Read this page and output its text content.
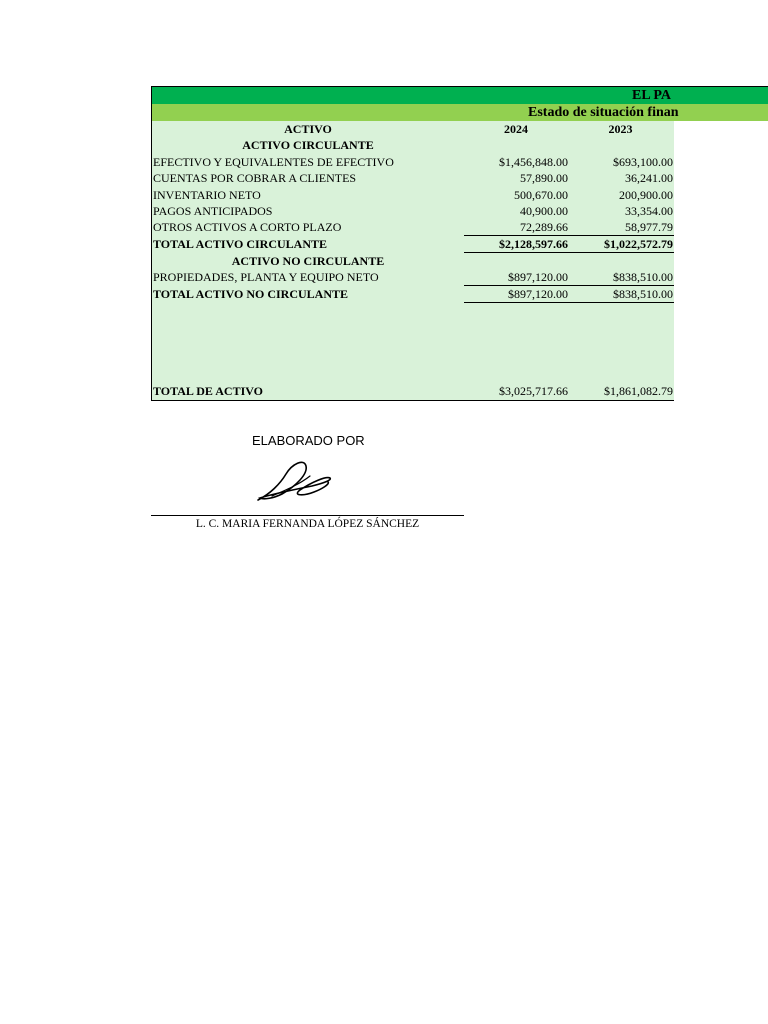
EL PA
Estado de situación finan
ACTIVO	2024	2023
ACTIVO CIRCULANTE
EFECTIVO Y EQUIVALENTES DE EFECTIVO	$1,456,848.00	$693,100.00
CUENTAS POR COBRAR A CLIENTES	57,890.00	36,241.00
INVENTARIO NETO	500,670.00	200,900.00
PAGOS ANTICIPADOS	40,900.00	33,354.00
OTROS ACTIVOS A CORTO PLAZO	72,289.66	58,977.79
TOTAL ACTIVO CIRCULANTE	$2,128,597.66	$1,022,572.79
ACTIVO NO CIRCULANTE
PROPIEDADES, PLANTA Y EQUIPO NETO	$897,120.00	$838,510.00
TOTAL ACTIVO NO CIRCULANTE	$897,120.00	$838,510.00
TOTAL DE ACTIVO	$3,025,717.66	$1,861,082.79
ELABORADO POR
L. C. MARIA FERNANDA LÓPEZ SÁNCHEZ
